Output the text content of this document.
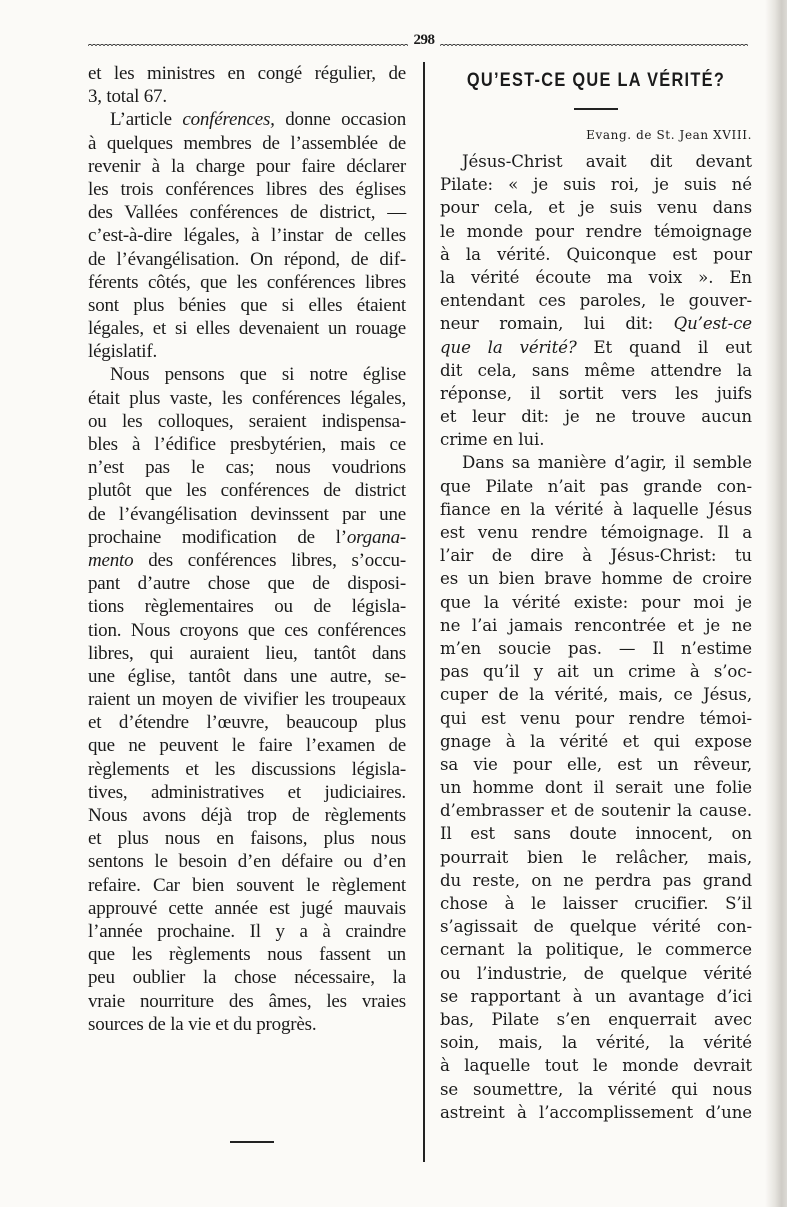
298
et les ministres en congé régulier, de
3, total 67.
L’article conférences, donne occasion
à quelques membres de l’assemblée de
revenir à la charge pour faire déclarer
les trois conférences libres des églises
des Vallées conférences de district, —
c’est-à-dire légales, à l’instar de celles
de l’évangélisation. On répond, de dif-
férents côtés, que les conférences libres
sont plus bénies que si elles étaient
légales, et si elles devenaient un rouage
législatif.
Nous pensons que si notre église
était plus vaste, les conférences légales,
ou les colloques, seraient indispensa-
bles à l’édifice presbytérien, mais ce
n’est pas le cas; nous voudrions
plutôt que les conférences de district
de l’évangélisation devinssent par une
prochaine modification de l’organa-
mento des conférences libres, s’occu-
pant d’autre chose que de disposi-
tions règlementaires ou de législa-
tion. Nous croyons que ces conférences
libres, qui auraient lieu, tantôt dans
une église, tantôt dans une autre, se-
raient un moyen de vivifier les troupeaux
et d’étendre l’œuvre, beaucoup plus
que ne peuvent le faire l’examen de
règlements et les discussions législa-
tives, administratives et judiciaires.
Nous avons déjà trop de règlements
et plus nous en faisons, plus nous
sentons le besoin d’en défaire ou d’en
refaire. Car bien souvent le règlement
approuvé cette année est jugé mauvais
l’année prochaine. Il y a à craindre
que les règlements nous fassent un
peu oublier la chose nécessaire, la
vraie nourriture des âmes, les vraies
sources de la vie et du progrès.
QU’EST-CE QUE LA VÉRITÉ?
Evang. de St. Jean XVIII.
Jésus-Christ avait dit devant
Pilate: « je suis roi, je suis né
pour cela, et je suis venu dans
le monde pour rendre témoignage
à la vérité. Quiconque est pour
la vérité écoute ma voix ». En
entendant ces paroles, le gouver-
neur romain, lui dit: Qu’est-ce
que la vérité? Et quand il eut
dit cela, sans même attendre la
réponse, il sortit vers les juifs
et leur dit: je ne trouve aucun
crime en lui.
Dans sa manière d’agir, il semble
que Pilate n’ait pas grande con-
fiance en la vérité à laquelle Jésus
est venu rendre témoignage. Il a
l’air de dire à Jésus-Christ: tu
es un bien brave homme de croire
que la vérité existe: pour moi je
ne l’ai jamais rencontrée et je ne
m’en soucie pas. — Il n’estime
pas qu’il y ait un crime à s’oc-
cuper de la vérité, mais, ce Jésus,
qui est venu pour rendre témoi-
gnage à la vérité et qui expose
sa vie pour elle, est un rêveur,
un homme dont il serait une folie
d’embrasser et de soutenir la cause.
Il est sans doute innocent, on
pourrait bien le relâcher, mais,
du reste, on ne perdra pas grand
chose à le laisser crucifier. S’il
s’agissait de quelque vérité con-
cernant la politique, le commerce
ou l’industrie, de quelque vérité
se rapportant à un avantage d’ici
bas, Pilate s’en enquerrait avec
soin, mais, la vérité, la vérité
à laquelle tout le monde devrait
se soumettre, la vérité qui nous
astreint à l’accomplissement d’une
